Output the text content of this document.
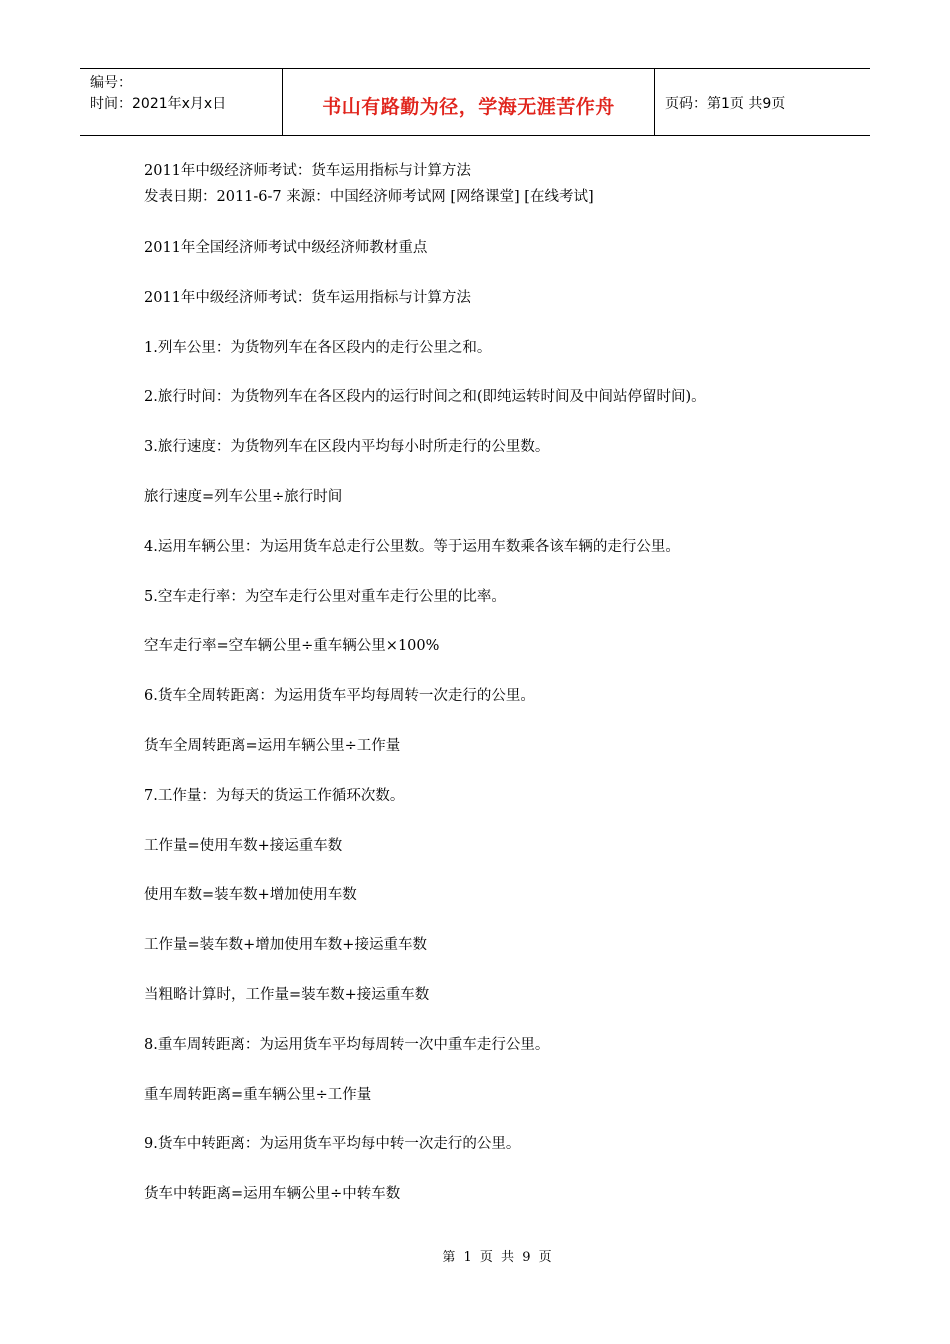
编号：
时间：2021年x月x日	书山有路勤为径，学海无涯苦作舟	页码：第1页 共9页

2011年中级经济师考试：货车运用指标与计算方法

发表日期：2011-6-7 来源：中国经济师考试网 [网络课堂] [在线考试]

2011年全国经济师考试中级经济师教材重点

2011年中级经济师考试：货车运用指标与计算方法

1.列车公里：为货物列车在各区段内的走行公里之和。

2.旅行时间：为货物列车在各区段内的运行时间之和(即纯运转时间及中间站停留时间)。

3.旅行速度：为货物列车在区段内平均每小时所走行的公里数。

旅行速度=列车公里÷旅行时间

4.运用车辆公里：为运用货车总走行公里数。等于运用车数乘各该车辆的走行公里。

5.空车走行率：为空车走行公里对重车走行公里的比率。

空车走行率=空车辆公里÷重车辆公里×100%

6.货车全周转距离：为运用货车平均每周转一次走行的公里。

货车全周转距离=运用车辆公里÷工作量

7.工作量：为每天的货运工作循环次数。

工作量=使用车数+接运重车数

使用车数=装车数+增加使用车数

工作量=装车数+增加使用车数+接运重车数

当粗略计算时，工作量=装车数+接运重车数

8.重车周转距离：为运用货车平均每周转一次中重车走行公里。

重车周转距离=重车辆公里÷工作量

9.货车中转距离：为运用货车平均每中转一次走行的公里。

货车中转距离=运用车辆公里÷中转车数

第 1 页 共 9 页
